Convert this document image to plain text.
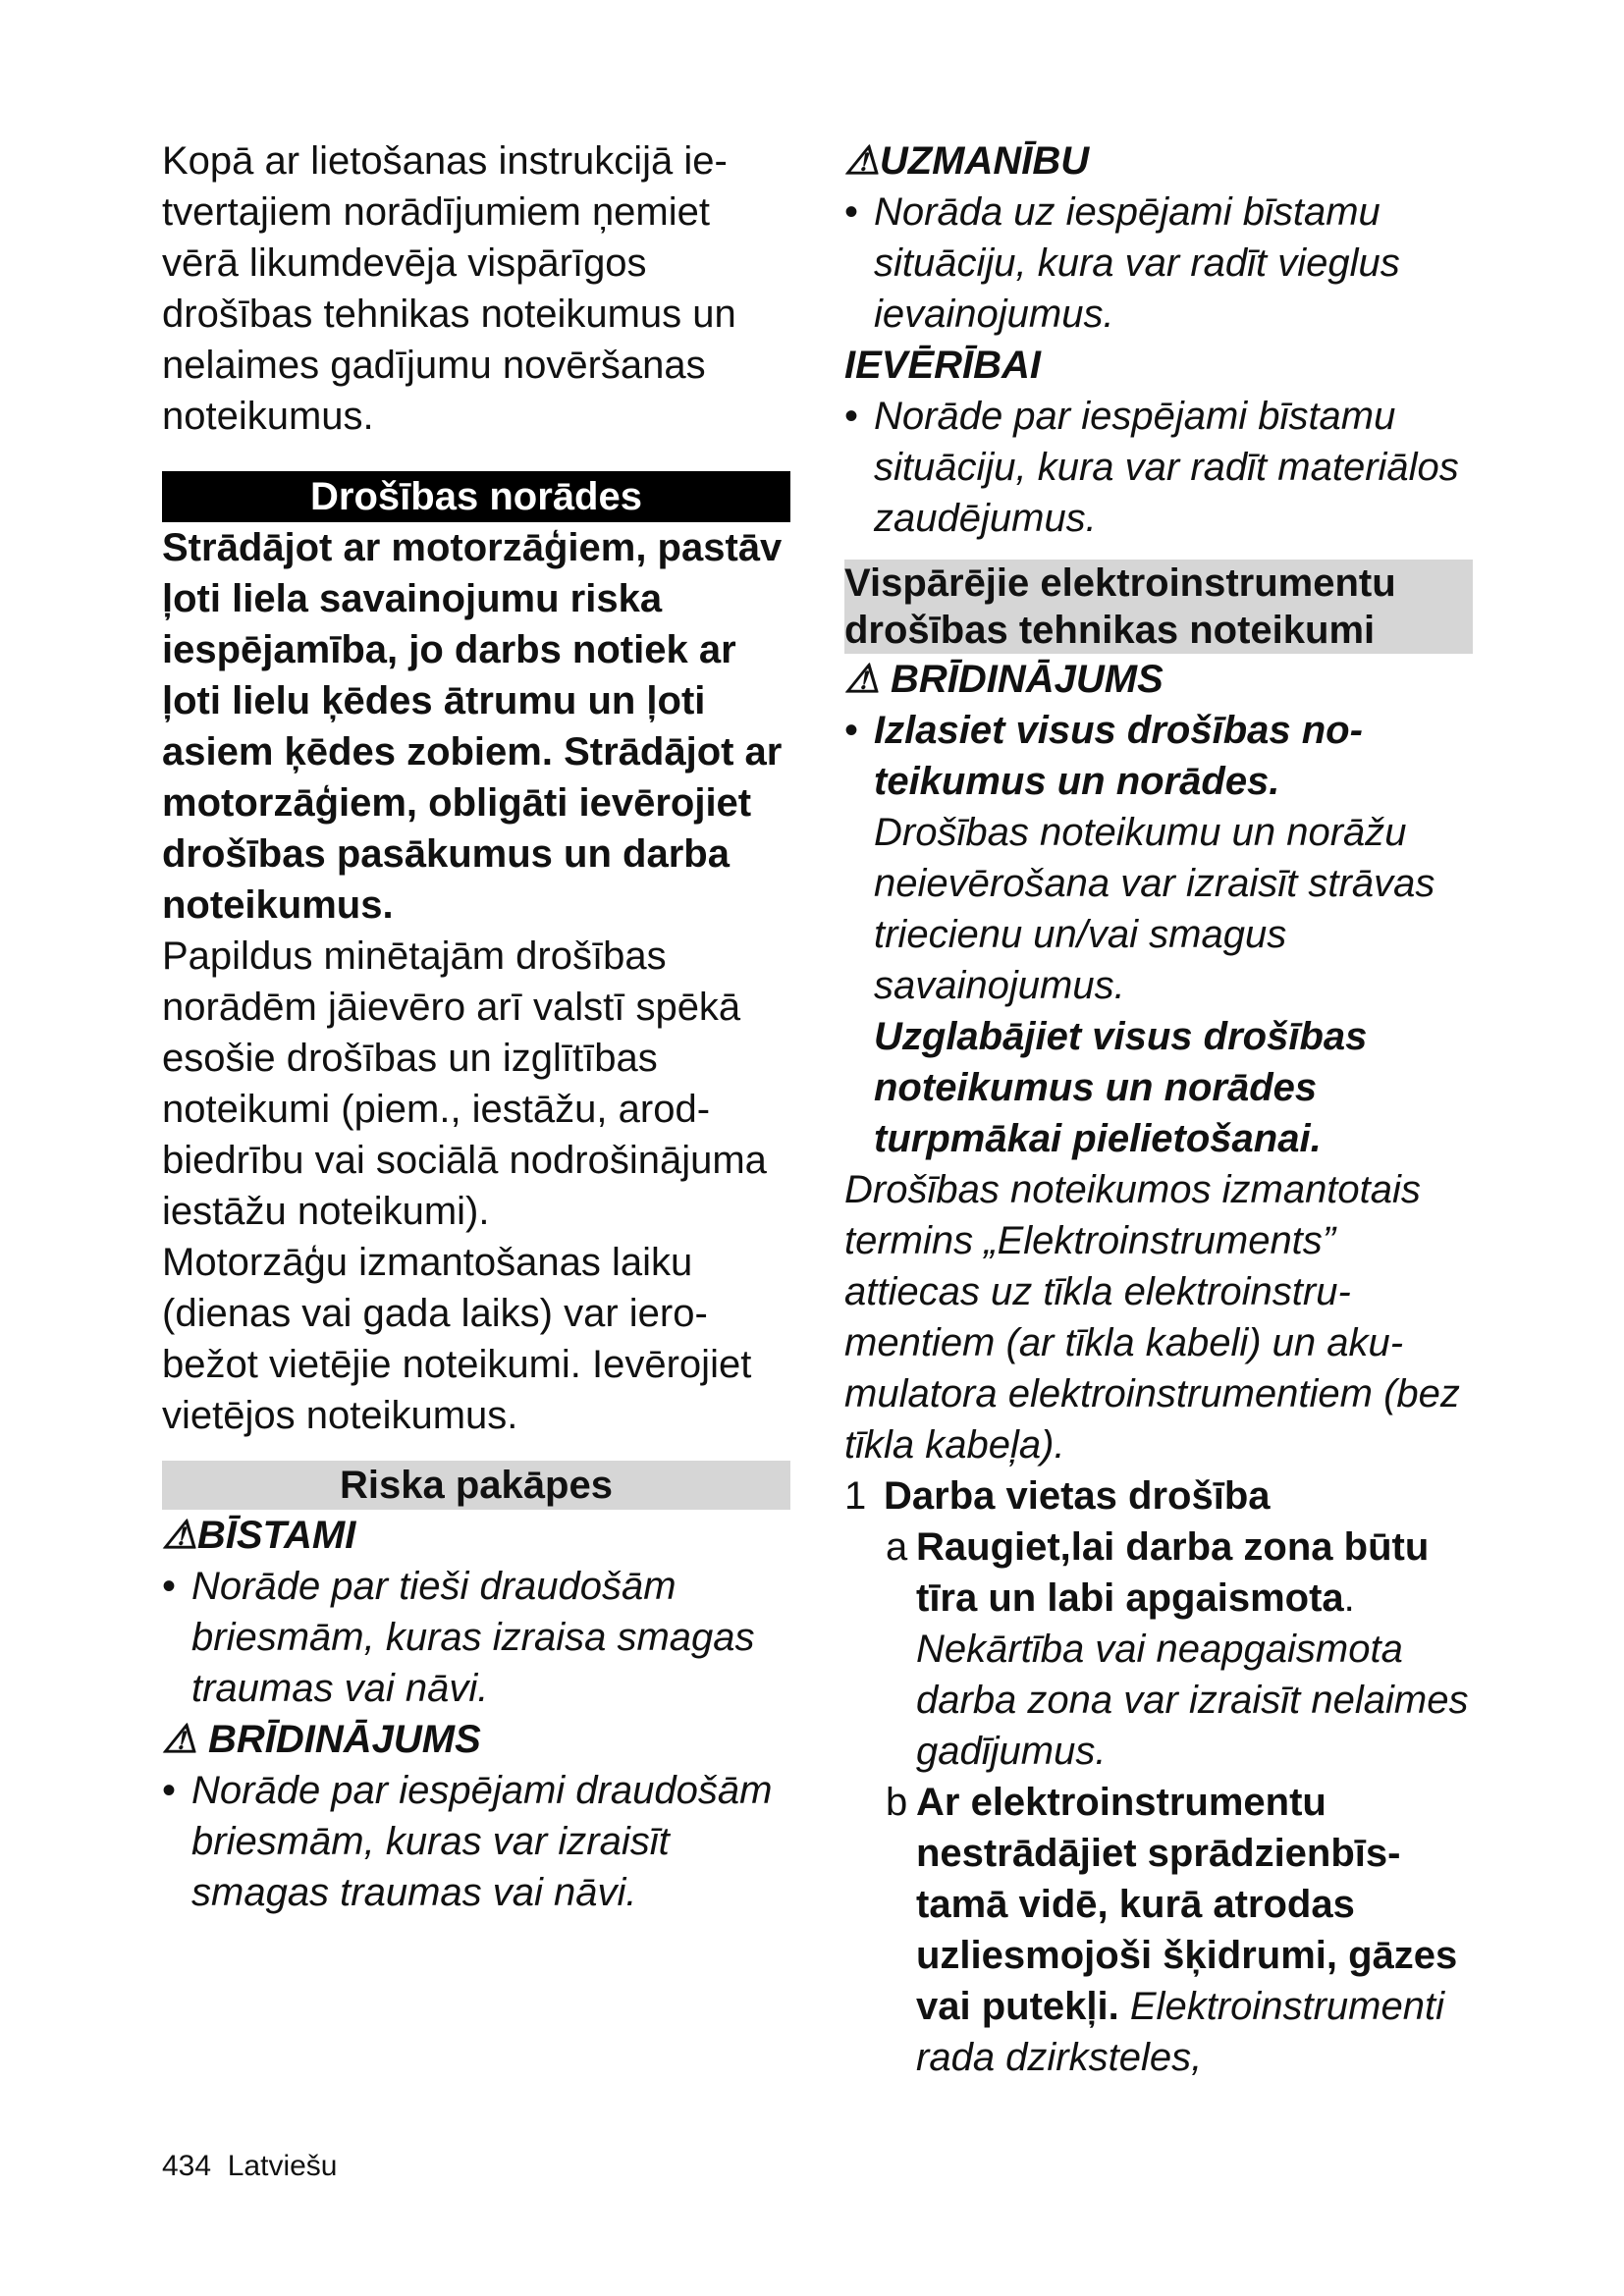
Kopā ar lietošanas instrukcijā ietvertajiem norādījumiem ņemiet vērā likumdevēja vispārīgos drošības tehnikas noteikumus un nelaimes gadījumu novēršanas noteikumus.

Drošības norādes

Strādājot ar motorzāģiem, pastāv ļoti liela savainojumu riska iespējamība, jo darbs notiek ar ļoti lielu ķēdes ātrumu un ļoti asiem ķēdes zobiem. Strādājot ar motorzāģiem, obligāti ievērojiet drošības pasākumus un darba noteikumus.

Papildus minētajām drošības norādēm jāievēro arī valstī spēkā esošie drošības un izglītības noteikumi (piem., iestāžu, arodbiedrību vai sociālā nodrošinājuma iestāžu noteikumi).

Motorzāģu izmantošanas laiku (dienas vai gada laiks) var ierobežot vietējie noteikumi. Ievērojiet vietējos noteikumus.

Riska pakāpes

⚠BĪSTAMI

• Norāde par tieši draudošām briesmām, kuras izraisa smagas traumas vai nāvi.

⚠ BRĪDINĀJUMS

• Norāde par iespējami draudošām briesmām, kuras var izraisīt smagas traumas vai nāvi.

⚠UZMANĪBU

• Norāda uz iespējami bīstamu situāciju, kura var radīt vieglus ievainojumus.

IEVĒRĪBAI

• Norāde par iespējami bīstamu situāciju, kura var radīt materiālos zaudējumus.
Vispārējie elektroinstrumentu drošības tehnikas noteikumi

⚠ BRĪDINĀJUMS

• Izlasiet visus drošības noteikumus un norādes.
Drošības noteikumu un norāžu neievērošana var izraisīt strāvas triecienu un/vai smagus savainojumus.
Uzglabājiet visus drošības noteikumus un norādes turpmākai pielietošanai.

Drošības noteikumos izmantotais termins „Elektroinstruments” attiecas uz tīkla elektroinstrumentiem (ar tīkla kabeli) un akumulatora elektroinstrumentiem (bez tīkla kabeļa).

1 Darba vietas drošība
a Raugiet,lai darba zona būtu tīra un labi apgaismota.
Nekārtība vai neapgaismota darba zona var izraisīt nelaimes gadījumus.
b Ar elektroinstrumentu nestrādājiet sprādzienbīstamā vidē, kurā atrodas uzliesmojoši šķidrumi, gāzes vai putekļi. Elektroinstrumenti rada dzirksteles,
434 Latviešu
